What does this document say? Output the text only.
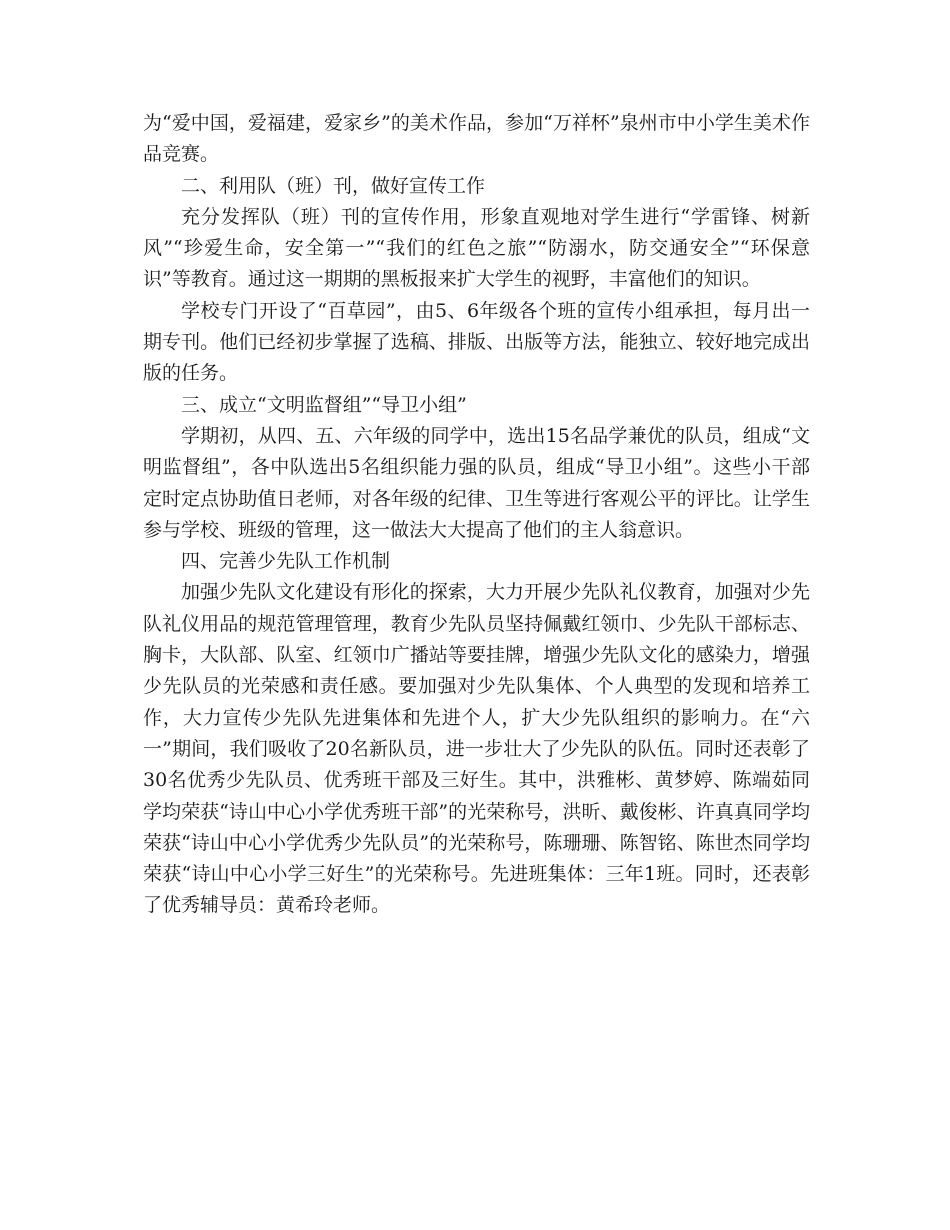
为“爱中国，爱福建，爱家乡”的美术作品，参加“万祥杯”泉州市中小学生美术作品竞赛。

二、利用队（班）刊，做好宣传工作

充分发挥队（班）刊的宣传作用，形象直观地对学生进行“学雷锋、树新风”“珍爱生命，安全第一”“我们的红色之旅”“防溺水，防交通安全”“环保意识”等教育。通过这一期期的黑板报来扩大学生的视野，丰富他们的知识。

学校专门开设了“百草园”，由5、6年级各个班的宣传小组承担，每月出一期专刊。他们已经初步掌握了选稿、排版、出版等方法，能独立、较好地完成出版的任务。

三、成立“文明监督组”“导卫小组”

学期初，从四、五、六年级的同学中，选出15名品学兼优的队员，组成“文明监督组”，各中队选出5名组织能力强的队员，组成“导卫小组”。这些小干部定时定点协助值日老师，对各年级的纪律、卫生等进行客观公平的评比。让学生参与学校、班级的管理，这一做法大大提高了他们的主人翁意识。

四、完善少先队工作机制

加强少先队文化建设有形化的探索，大力开展少先队礼仪教育，加强对少先队礼仪用品的规范管理管理，教育少先队员坚持佩戴红领巾、少先队干部标志、胸卡，大队部、队室、红领巾广播站等要挂牌，增强少先队文化的感染力，增强少先队员的光荣感和责任感。要加强对少先队集体、个人典型的发现和培养工作，大力宣传少先队先进集体和先进个人，扩大少先队组织的影响力。在“六一”期间，我们吸收了20名新队员，进一步壮大了少先队的队伍。同时还表彰了30名优秀少先队员、优秀班干部及三好生。其中，洪雅彬、黄梦婷、陈端茹同学均荣获“诗山中心小学优秀班干部”的光荣称号，洪昕、戴俊彬、许真真同学均荣获“诗山中心小学优秀少先队员”的光荣称号，陈珊珊、陈智铭、陈世杰同学均荣获“诗山中心小学三好生”的光荣称号。先进班集体：三年1班。同时，还表彰了优秀辅导员：黄希玲老师。
